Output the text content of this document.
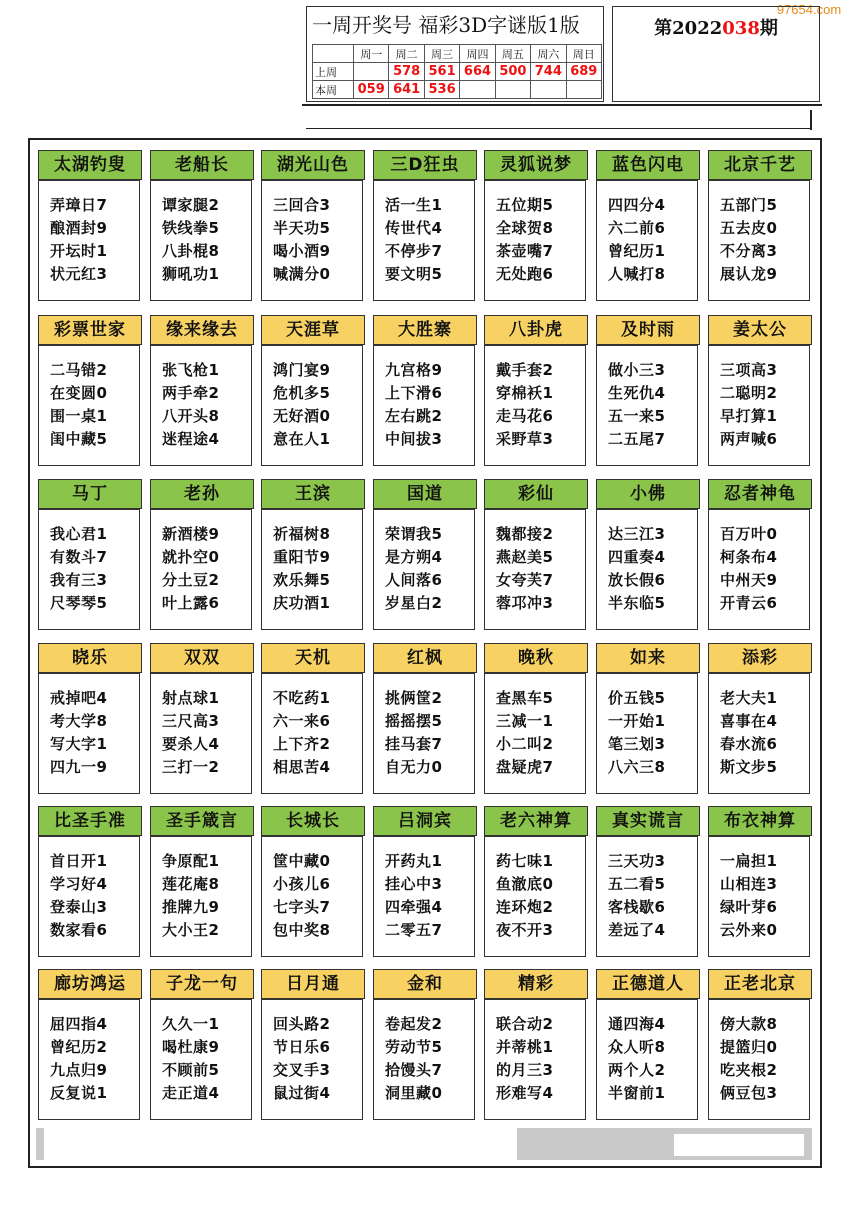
97654.com
一周开奖号 福彩3D字谜版1版
	周一	周二	周三	周四	周五	周六	周日
上周		578	561	664	500	744	689
本周	059	641	536				
第2022038期
太湖钓叟
弄璋日7
酿酒封9
开坛时1
状元红3
老船长
谭家腿2
铁线拳5
八卦棍8
狮吼功1
湖光山色
三回合3
半天功5
喝小酒9
喊满分0
三D狂虫
活一生1
传世代4
不停步7
要文明5
灵狐说梦
五位期5
全球贺8
茶壶嘴7
无处跑6
蓝色闪电
四四分4
六二前6
曾纪历1
人喊打8
北京千艺
五部门5
五去皮0
不分离3
展认龙9
彩票世家
二马错2
在变圆0
围一桌1
闺中藏5
缘来缘去
张飞枪1
两手牵2
八开头8
迷程途4
天涯草
鸿门宴9
危机多5
无好酒0
意在人1
大胜寨
九宫格9
上下滑6
左右跳2
中间拔3
八卦虎
戴手套2
穿棉袄1
走马花6
采野草3
及时雨
做小三3
生死仇4
五一来5
二五尾7
姜太公
三项高3
二聪明2
早打算1
两声喊6
马丁
我心君1
有数斗7
我有三3
尺琴琴5
老孙
新酒楼9
就扑空0
分土豆2
叶上露6
王滨
祈福树8
重阳节9
欢乐舞5
庆功酒1
国道
荣谓我5
是方朔4
人间落6
岁星白2
彩仙
魏都接2
燕赵美5
女夸芙7
蓉邛冲3
小佛
达三江3
四重奏4
放长假6
半东临5
忍者神龟
百万叶0
柯条布4
中州天9
开青云6
晓乐
戒掉吧4
考大学8
写大字1
四九一9
双双
射点球1
三尺高3
要杀人4
三打一2
天机
不吃药1
六一来6
上下齐2
相思苦4
红枫
挑俩筐2
摇摇摆5
挂马套7
自无力0
晚秋
查黑车5
三减一1
小二叫2
盘疑虎7
如来
价五钱5
一开始1
笔三划3
八六三8
添彩
老大夫1
喜事在4
春水流6
斯文步5
比圣手准
首日开1
学习好4
登泰山3
数家看6
圣手箴言
争原配1
莲花庵8
推牌九9
大小王2
长城长
筐中藏0
小孩儿6
七字头7
包中奖8
吕洞宾
开药丸1
挂心中3
四牵强4
二零五7
老六神算
药七味1
鱼澈底0
连环炮2
夜不开3
真实谎言
三天功3
五二看5
客栈歇6
差远了4
布衣神算
一扁担1
山相连3
绿叶芽6
云外来0
廊坊鸿运
屈四指4
曾纪历2
九点归9
反复说1
子龙一句
久久一1
喝杜康9
不顾前5
走正道4
日月通
回头路2
节日乐6
交叉手3
鼠过街4
金和
卷起发2
劳动节5
拾馒头7
洞里藏0
精彩
联合动2
并蒂桃1
的月三3
形难写4
正德道人
通四海4
众人听8
两个人2
半窗前1
正老北京
傍大款8
提篮归0
吃夹根2
俩豆包3
